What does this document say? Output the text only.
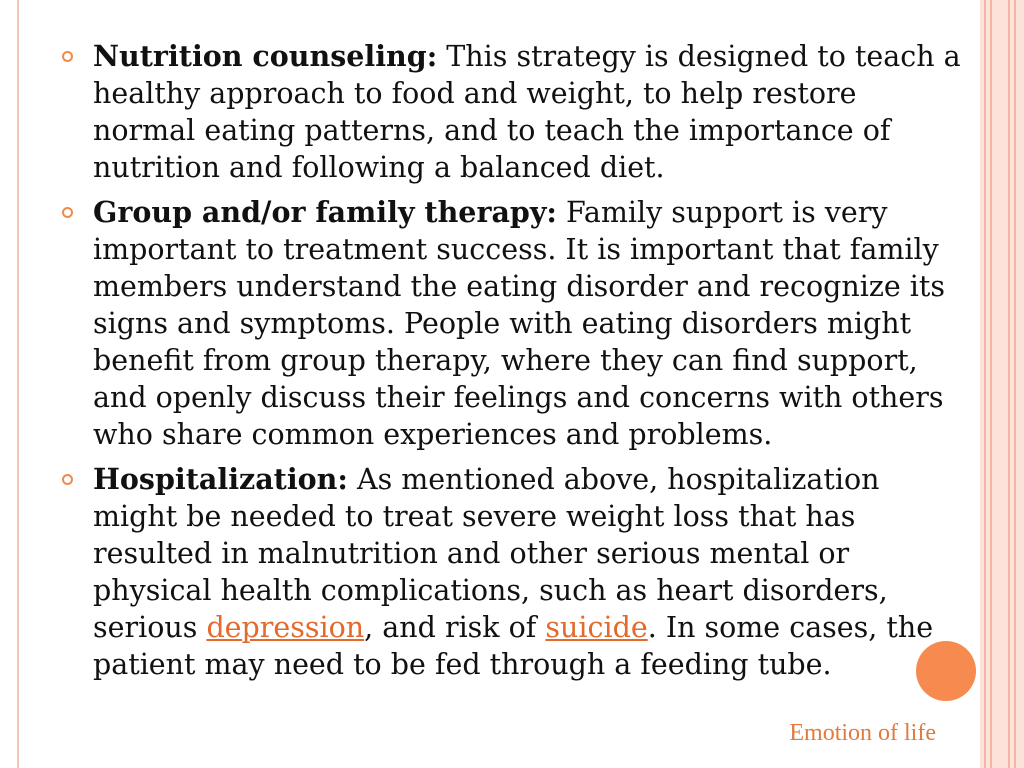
Nutrition counseling: This strategy is designed to teach a healthy approach to food and weight, to help restore normal eating patterns, and to teach the importance of nutrition and following a balanced diet.
Group and/or family therapy: Family support is very important to treatment success. It is important that family members understand the eating disorder and recognize its signs and symptoms. People with eating disorders might benefit from group therapy, where they can find support, and openly discuss their feelings and concerns with others who share common experiences and problems.
Hospitalization: As mentioned above, hospitalization might be needed to treat severe weight loss that has resulted in malnutrition and other serious mental or physical health complications, such as heart disorders, serious depression, and risk of suicide. In some cases, the patient may need to be fed through a feeding tube.
Emotion of life
